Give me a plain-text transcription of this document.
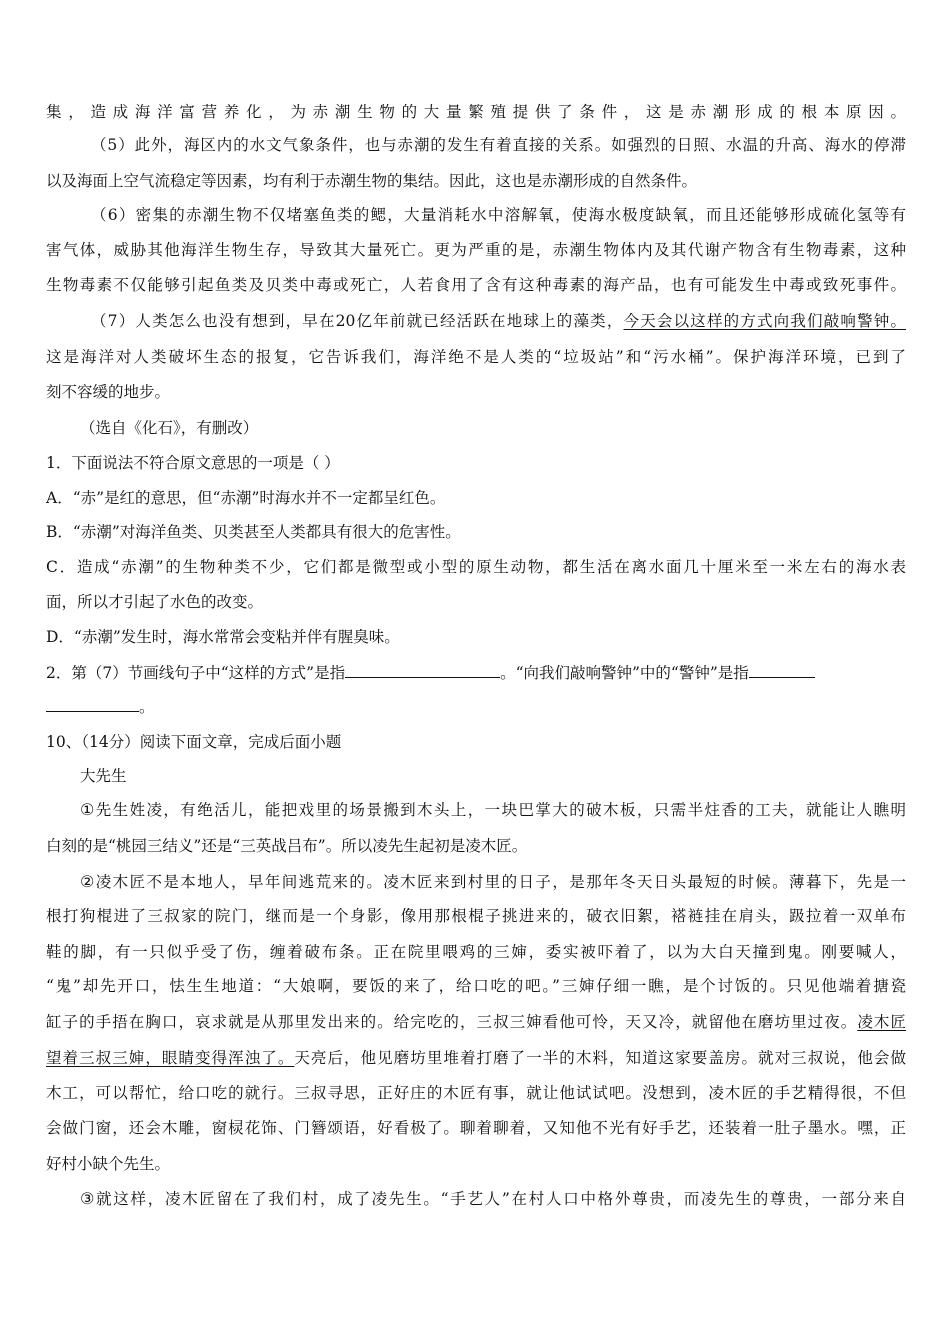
集，造成海洋富营养化，为赤潮生物的大量繁殖提供了条件，这是赤潮形成的根本原因。
（5）此外，海区内的水文气象条件，也与赤潮的发生有着直接的关系。如强烈的日照、水温的升高、海水的停滞
以及海面上空气流稳定等因素，均有利于赤潮生物的集结。因此，这也是赤潮形成的自然条件。
（6）密集的赤潮生物不仅堵塞鱼类的鳃，大量消耗水中溶解氧，使海水极度缺氧，而且还能够形成硫化氢等有
害气体，威胁其他海洋生物生存，导致其大量死亡。更为严重的是，赤潮生物体内及其代谢产物含有生物毒素，这种
生物毒素不仅能够引起鱼类及贝类中毒或死亡，人若食用了含有这种毒素的海产品，也有可能发生中毒或致死事件。
（7）人类怎么也没有想到，早在20亿年前就已经活跃在地球上的藻类，今天会以这样的方式向我们敲响警钟。
这是海洋对人类破坏生态的报复，它告诉我们，海洋绝不是人类的“垃圾站”和“污水桶”。保护海洋环境，已到了
刻不容缓的地步。
（选自《化石》，有删改）
1．下面说法不符合原文意思的一项是（ ）
A．“赤”是红的意思，但“赤潮”时海水并不一定都呈红色。
B．“赤潮”对海洋鱼类、贝类甚至人类都具有很大的危害性。
C．造成“赤潮”的生物种类不少，它们都是微型或小型的原生动物，都生活在离水面几十厘米至一米左右的海水表
面，所以才引起了水色的改变。
D．“赤潮”发生时，海水常常会变粘并伴有腥臭味。
2．第（7）节画线句子中“这样的方式”是指	。“向我们敲响警钟”中的“警钟”是指
。
10、（14分）阅读下面文章，完成后面小题
大先生
①先生姓凌，有绝活儿，能把戏里的场景搬到木头上，一块巴掌大的破木板，只需半炷香的工夫，就能让人瞧明
白刻的是“桃园三结义”还是“三英战吕布”。所以凌先生起初是凌木匠。
②凌木匠不是本地人，早年间逃荒来的。凌木匠来到村里的日子，是那年冬天日头最短的时候。薄暮下，先是一
根打狗棍进了三叔家的院门，继而是一个身影，像用那根棍子挑进来的，破衣旧絮，褡裢挂在肩头，趿拉着一双单布
鞋的脚，有一只似乎受了伤，缠着破布条。正在院里喂鸡的三婶，委实被吓着了，以为大白天撞到鬼。刚要喊人，
“鬼”却先开口，怯生生地道：“大娘啊，要饭的来了，给口吃的吧。”三婶仔细一瞧，是个讨饭的。只见他端着搪瓷
缸子的手捂在胸口，哀求就是从那里发出来的。给完吃的，三叔三婶看他可怜，天又冷，就留他在磨坊里过夜。凌木匠
望着三叔三婶，眼睛变得浑浊了。天亮后，他见磨坊里堆着打磨了一半的木料，知道这家要盖房。就对三叔说，他会做
木工，可以帮忙，给口吃的就行。三叔寻思，正好庄的木匠有事，就让他试试吧。没想到，凌木匠的手艺精得很，不但
会做门窗，还会木雕，窗棂花饰、门簪颂语，好看极了。聊着聊着，又知他不光有好手艺，还装着一肚子墨水。嘿，正
好村小缺个先生。
③就这样，凌木匠留在了我们村，成了凌先生。“手艺人”在村人口中格外尊贵，而凌先生的尊贵，一部分来自
